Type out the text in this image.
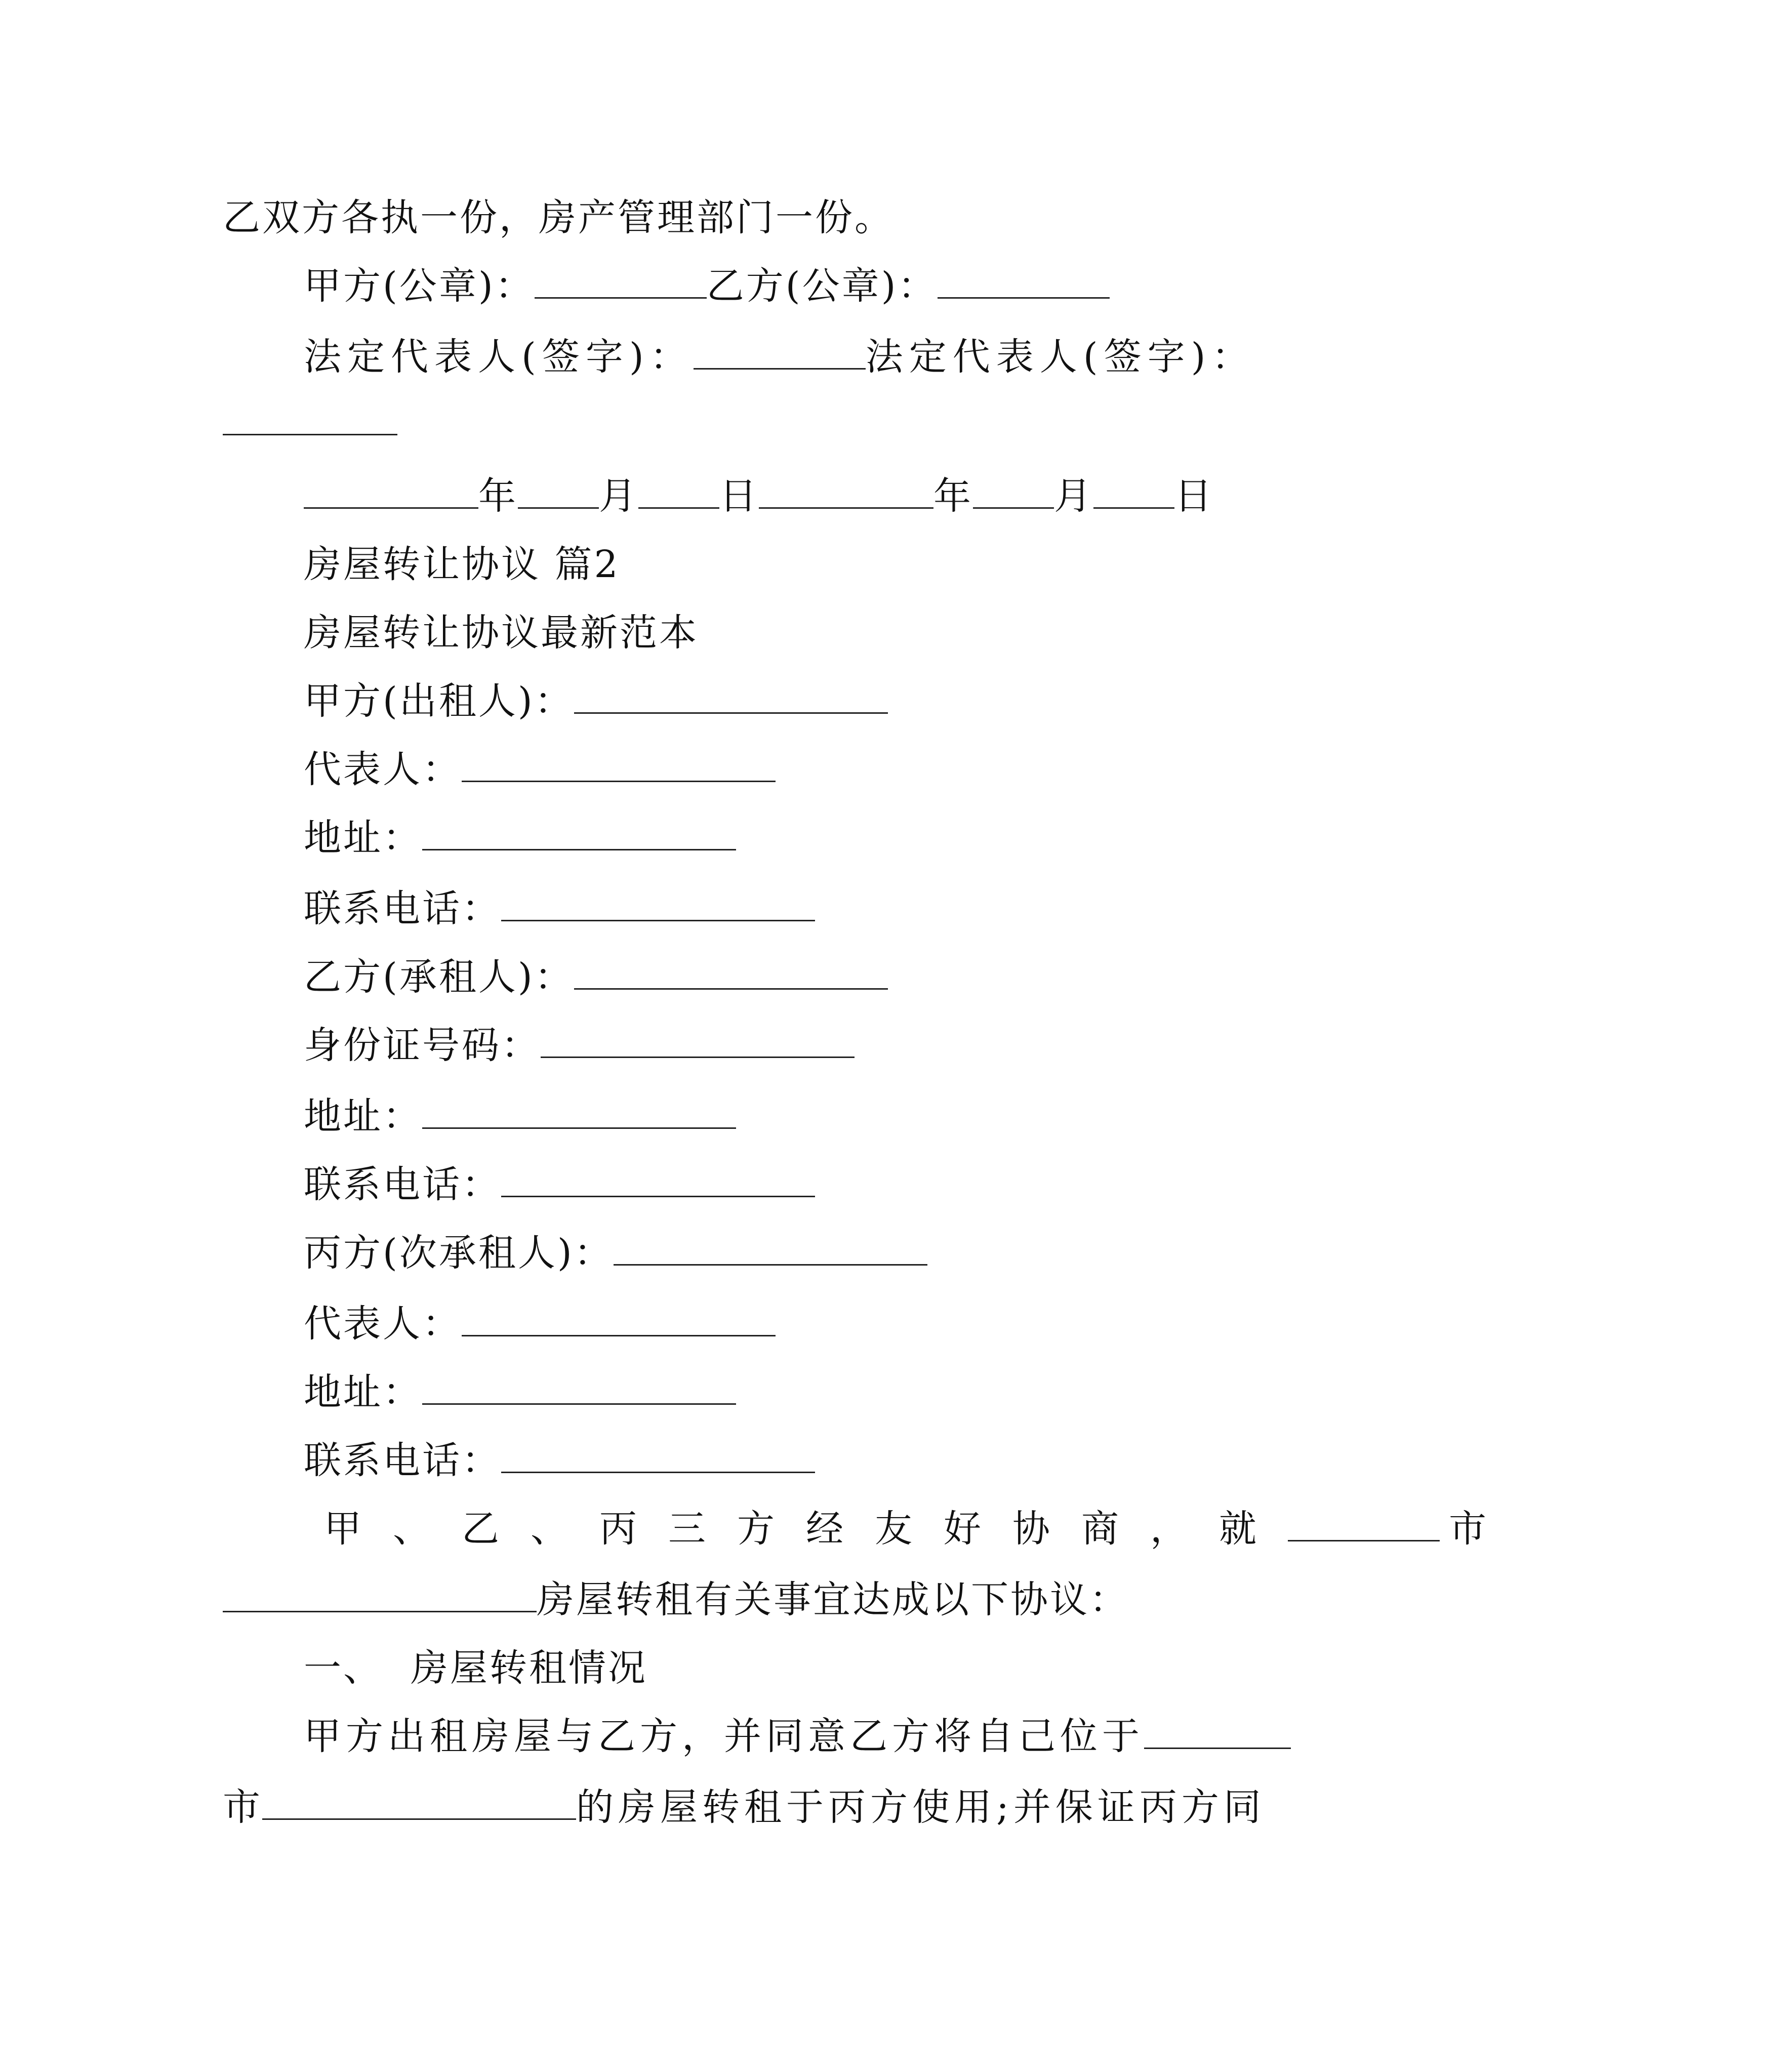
乙双方各执一份，房产管理部门一份。
甲方(公章)：	乙方(公章)：
法定代表人(签字)：	法定代表人(签字)：
年 月 日	年 月 日
房屋转让协议 篇2
房屋转让协议最新范本
甲方(出租人)：
代表人：
地址：
联系电话：
乙方(承租人)：
身份证号码：
地址：
联系电话：
丙方(次承租人)：
代表人：
地址：
联系电话：
甲、乙、丙三方经友好协商，就	市
房屋转租有关事宜达成以下协议：
一、  房屋转租情况
甲方出租房屋与乙方，并同意乙方将自己位于
市	的房屋转租于丙方使用;并保证丙方同
